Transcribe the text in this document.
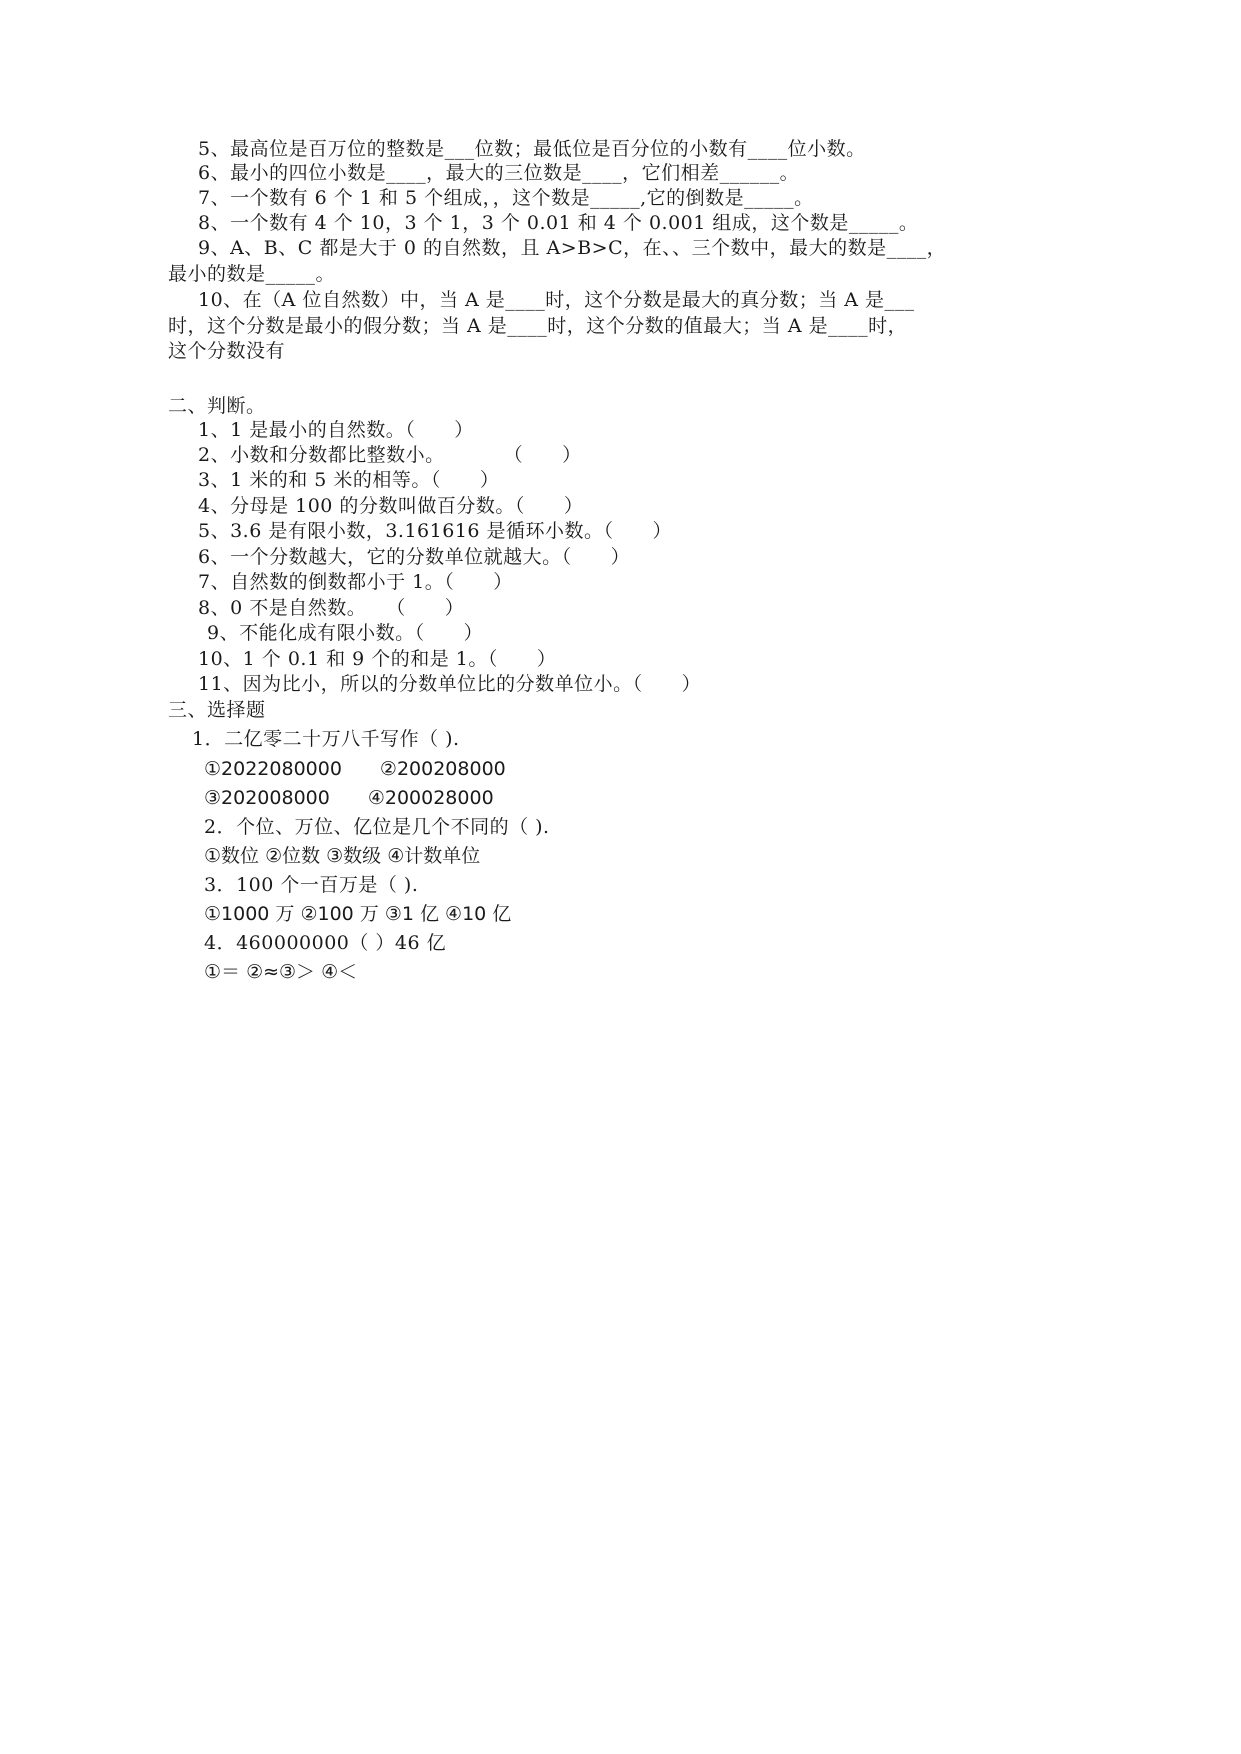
5、最高位是百万位的整数是___位数；最低位是百分位的小数有____位小数。
6、最小的四位小数是____，最大的三位数是____，它们相差______。
7、一个数有 6 个 1 和 5 个组成，，这个数是_____,它的倒数是_____。
8、一个数有 4 个 10，3 个 1，3 个 0.01 和 4 个 0.001 组成，这个数是_____。
9、A、B、C 都是大于 0 的自然数，且 A>B>C，在、、三个数中，最大的数是____，
最小的数是_____。
10、在（A 位自然数）中，当 A 是____时，这个分数是最大的真分数；当 A 是___
时，这个分数是最小的假分数；当 A 是____时，这个分数的值最大；当 A 是____时，
这个分数没有
二、判断。
1、1 是最小的自然数。（　　）
2、小数和分数都比整数小。　　　　（　　）
3、1 米的和 5 米的相等。（　　）
4、分母是 100 的分数叫做百分数。（　　）
5、3.6 是有限小数，3.161616 是循环小数。（　　）
6、一个分数越大，它的分数单位就越大。（　　）
7、自然数的倒数都小于 1。（　　）
8、0 不是自然数。　　（　　）
9、不能化成有限小数。（　　）
10、1 个 0.1 和 9 个的和是 1。（　　）
11、因为比小，所以的分数单位比的分数单位小。（　　）
三、选择题
1．二亿零二十万八千写作（ ).
①2022080000　　②200208000
③202008000　　④200028000
2．个位、万位、亿位是几个不同的（ ).
①数位 ②位数 ③数级 ④计数单位
3．100 个一百万是（ ).
①1000 万 ②100 万 ③1 亿 ④10 亿
4．460000000（ ）46 亿
①＝ ②≈③＞ ④＜
